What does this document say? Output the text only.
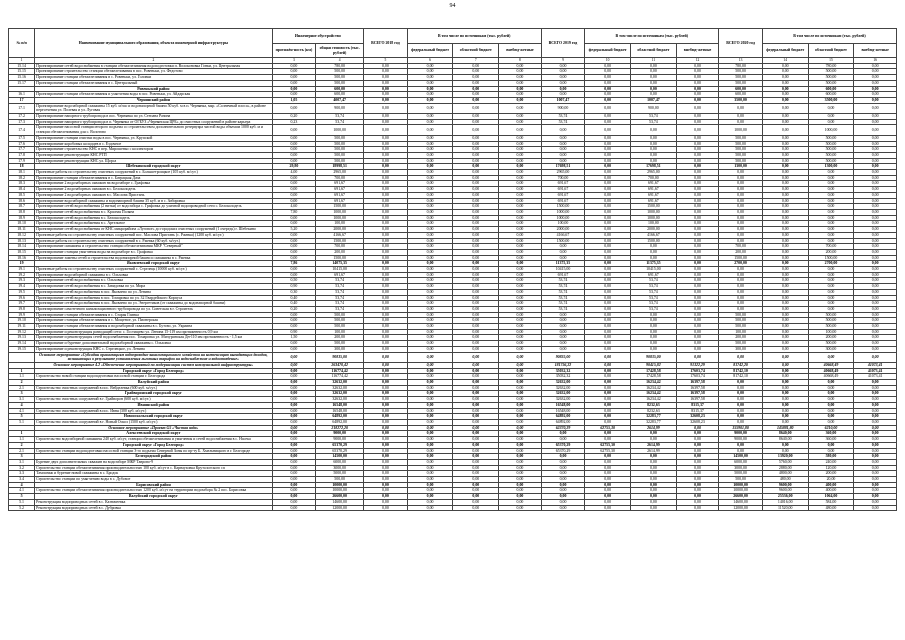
94
№ п/п	Наименование муниципального образования, объекта инженерной инфраструктуры	Инженерное обустройство		ВСЕГО 2018 год	В том числе по источникам (тыс. рублей)			ВСЕГО 2019 год	В том числе по источникам (тыс. рублей)			ВСЕГО 2020 год	В том числе по источникам (тыс. рублей)		
		протяжён-ность (км)	общая стоимость (тыс. рублей)		федеральный бюджет	областной бюджет	внебюд-жетные		федеральный бюджет	областной бюджет	внебюд-жетные		федеральный бюджет	областной бюджет	внебюд-жетные

1	2	3	4	5	6	7	8	9	10	11	12	13	14	15	16
15.14	Проектирование сетей водоснабжения в станции обезжелезивания водоподготовки п. Волоконовка Гонки, ул. Центральная	0,00	780,00	0,00	0,00	0,00	0,00	0,00	0,00	0,00	0,00	780,00	0,00	780,00	0,00
15.15	Проектирование строительство станции обезжелезивания в пос. Ровеньки, ул. Федотово	0,00	500,00	0,00	0,00	0,00	0,00	0,00	0,00	0,00	0,00	500,00	0,00	500,00	0,00
15.16	Проектирование станции обезжелезивания в с. Ровеньки, ул. Головки	0,00	500,00	0,00	0,00	0,00	0,00	0,00	0,00	0,00	0,00	500,00	0,00	500,00	0,00
15.17	Проектирование станции обезжелезивания в с. Центральный	0,00	500,00	0,00	0,00	0,00	0,00	0,00	0,00	0,00	0,00	500,00	0,00	500,00	0,00
	Ровеньский район	0,00	600,00	0,00	0,00	0,00	0,00	0,00	0,00	0,00	0,00	600,00	0,00	600,00	0,00
16.1	Проектирование станции обезжелезивания и умягчения воды в пос. Ровеньки, ул. Айдарская	0,00	600,00	0,00	0,00	0,00	0,00	0,00	0,00	0,00	0,00	600,00	0,00	600,00	0,00
17	Чернянский район	1,05	4007,47	0,00	0,00	0,00	0,00	1007,47	0,00	1007,47	0,00	3500,00	0,00	3500,00	0,00
17.1	Проектирование водозаборной скважины 15 куб. м/час и водонапорной башни 50 куб. м в п. Чернянка, мкр. «Солнечный плоса», в районе пересечения ул. Полевая и ул. Луговая	0,00	900,00	0,00	0,00	0,00	0,00	900,00	0,00	900,00	0,00	0,00	0,00	0,00	0,00
17.2	Проектирование напорного трубопровода в пос. Чернянка по ул. Степана Разина	0,20	53,74	0,00	0,00	0,00	0,00	53,74	0,00	53,74	0,00	0,00	0,00	0,00	0,00
17.3	Проектирование напорного трубопровода в п. Чернянка от ОГБУЗ «Чернянская ЦРБ» до очистных сооружений в районе карьера	0,23	53,74	0,00	0,00	0,00	0,00	53,74	0,00	53,74	0,00	0,00	0,00	0,00	0,00
17.4	Проектирование насосной станции второго подъема со строительством дополнительного резервуара чистой воды объемом 1000 куб. м и станции обезжелезивания для с. Волотово	0,00	1000,00	0,00	0,00	0,00	0,00	0,00	0,00	0,00	0,00	1000,00	0,00	1000,00	0,00
17.5	Проектирование станции очистки воды в пос. Чернянка, ул. Крупской	0,00	500,00	0,00	0,00	0,00	0,00	0,00	0,00	0,00	0,00	500,00	0,00	500,00	0,00
17.6	Проектирование коробовых колодцев в с. Ездочное	0,00	500,00	0,00	0,00	0,00	0,00	0,00	0,00	0,00	0,00	500,00	0,00	500,00	0,00
17.7	Проектирование строительство КНС в пер. Мирошенко с коллектором	0,00	500,00	0,00	0,00	0,00	0,00	0,00	0,00	0,00	0,00	500,00	0,00	500,00	0,00
17.8	Проектирование реконструкции КНС РТП	0,00	500,00	0,00	0,00	0,00	0,00	0,00	0,00	0,00	0,00	500,00	0,00	500,00	0,00
17.9	Проектирование реконструкции КНС ул. Щорса	0,00	500,00	0,00	0,00	0,00	0,00	0,00	0,00	0,00	0,00	500,00	0,00	500,00	0,00
18	Шебекинский городской округ	29,80	18998,51	0,00	0,00	0,00	0,00	17698,51	0,00	17698,51	0,00	1300,00	0,00	1300,00	0,00
18.1	Проектные работы по строительству очистных сооружений в с. Большетроицкое (105 куб. м/сут.)	4,00	2965,00	0,00	0,00	0,00	0,00	2965,00	0,00	2965,00	0,00	0,00	0,00	0,00	0,00
18.2	Проектирование станции обезжелезивания в с. Батрацкая Дача	0,00	700,00	0,00	0,00	0,00	0,00	700,00	0,00	700,00	0,00	0,00	0,00	0,00	0,00
18.3	Проектирование 2 водозаборных скважин на водозаборе с. Графовка	0,00	691,67	0,00	0,00	0,00	0,00	691,67	0,00	691,67	0,00	0,00	0,00	0,00	0,00
18.4	Проектирование 2 водозаборных скважин в с. Белоколодезь	0,00	691,67	0,00	0,00	0,00	0,00	691,67	0,00	691,67	0,00	0,00	0,00	0,00	0,00
18.5	Проектирование 2 водозаборных скважин в с. Маслова Пристань	0,00	691,67	0,00	0,00	0,00	0,00	691,67	0,00	691,67	0,00	0,00	0,00	0,00	0,00
18.6	Проектирование водозаборной скважины и водонапорной башни 35 куб. м в с. Зиборовка	0,00	691,67	0,00	0,00	0,00	0,00	691,67	0,00	691,67	0,00	0,00	0,00	0,00	0,00
18.7	Проектирование сетей водоснабжения (2 нитки) от водозабора с. Графовка до уличной водопроводной сети с. Белоколодезь	4,60	1500,00	0,00	0,00	0,00	0,00	1500,00	0,00	1500,00	0,00	0,00	0,00	0,00	0,00
18.8	Проектирование сетей водоснабжения в с. Красная Поляна	7,80	1000,00	0,00	0,00	0,00	0,00	1000,00	0,00	1000,00	0,00	0,00	0,00	0,00	0,00
18.9	Проектирование сетей водоснабжения в с. Белоколодезь	0,00	1000,00	0,00	0,00	0,00	0,00	1000,00	0,00	1000,00	0,00	0,00	0,00	0,00	0,00
18.10	Проектирование сетей водоснабжения в с. Артельное	0,00	100,00	0,00	0,00	0,00	0,00	100,00	0,00	100,00	0,00	0,00	0,00	0,00	0,00
18.11	Проектирование сетей водоснабжения от КНС микрорайона «Луговое» до городских очистных сооружений (1 очередь) г. Шебекино	5,20	2000,00	0,00	0,00	0,00	0,00	2000,00	0,00	2000,00	0,00	0,00	0,00	0,00	0,00
18.12	Проектные работы по строительству очистных сооружений пос. Маслова Пристань (с. Ржевка) (1200 куб. м/сут.)	0,00	4166,67	0,00	0,00	0,00	0,00	4166,67	0,00	4166,67	0,00	0,00	0,00	0,00	0,00
18.13	Проектные работы по строительству очистных сооружений в с. Ржевка (60 куб. м/сут.)	0,00	1500,00	0,00	0,00	0,00	0,00	1500,00	0,00	1500,00	0,00	0,00	0,00	0,00	0,00
18.14	Проектирование скважины и строительство станции обезжелезивания МКР "Северный"	0,00	700,00	0,00	0,00	0,00	0,00	0,00	0,00	0,00	0,00	700,00	0,00	700,00	0,00
18.15	Проектирование станции умягчения воды на водозаборе в с. Графовка	0,00	200,00	0,00	0,00	0,00	0,00	0,00	0,00	0,00	0,00	200,00	0,00	200,00	0,00
18.16	Проектирование замены сетей и строительства водонапорной башни и скважины в с. Ржевка	0,00	1500,00	0,00	0,00	0,00	0,00	0,00	0,00	0,00	0,00	1500,00	0,00	1500,00	0,00
19	Яковлевский городской округ	7,86	14075,35	0,00	0,00	0,00	0,00	11375,35	0,00	11375,35	0,00	2700,00	0,00	2700,00	0,00
19.1	Проектные работы по строительству очистных сооружений с. Стрелецк (10000 куб. м/сут.)	0,00	10415,00	0,00	0,00	0,00	0,00	10415,00	0,00	10415,00	0,00	0,00	0,00	0,00	0,00
19.2	Проектирование водозаборной скважины в с. Ольховка	0,00	691,67	0,00	0,00	0,00	0,00	691,67	0,00	691,67	0,00	0,00	0,00	0,00	0,00
19.3	Проектирование сетей водоснабжения в с. Ольховка	0,50	53,74	0,00	0,00	0,00	0,00	53,74	0,00	53,74	0,00	0,00	0,00	0,00	0,00
19.4	Проектирование сетей водоснабжения в с. Завидовка по ул. Мира	0,90	53,74	0,00	0,00	0,00	0,00	53,74	0,00	53,74	0,00	0,00	0,00	0,00	0,00
19.5	Проектирование сетей водоснабжения в пос. Яковлево по ул. Ленина	0,30	53,74	0,00	0,00	0,00	0,00	53,74	0,00	53,74	0,00	0,00	0,00	0,00	0,00
19.6	Проектирование сетей водоснабжения в пос. Томаровка по ул. 32 Гвардейского Корпуса	0,40	53,74	0,00	0,00	0,00	0,00	53,74	0,00	53,74	0,00	0,00	0,00	0,00	0,00
19.7	Проектирование сетей водоснабжения в пос. Яковлево по ул. Энергетиков (от скважины до водонапорной башни)	0,40	53,74	0,00	0,00	0,00	0,00	53,74	0,00	53,74	0,00	0,00	0,00	0,00	0,00
19.8	Проектирование самотечного канализационного трубопровода по ул. Советская в г. Строитель	0,20	53,74	0,00	0,00	0,00	0,00	53,74	0,00	53,74	0,00	0,00	0,00	0,00	0,00
19.9	Проектирование станции обезжелезивания в с. Старая Глинка	0,00	500,00	0,00	0,00	0,00	0,00	0,00	0,00	0,00	0,00	500,00	0,00	500,00	0,00
19.10	Проектирование станции обезжелезивания в с. Мощеное, ул. Пионерская	0,00	500,00	0,00	0,00	0,00	0,00	0,00	0,00	0,00	0,00	500,00	0,00	500,00	0,00
19.11	Проектирование станции обезжелезивания и водозаборной скважины в с. Бутово, ул. Украина	0,00	500,00	0,00	0,00	0,00	0,00	0,00	0,00	0,00	0,00	500,00	0,00	500,00	0,00
19.12	Проектирование и реконструкция разводящей сети: с. Гостищево ул. Ленина 15-119 км протяженность 0,9 км	0,90	100,00	0,00	0,00	0,00	0,00	0,00	0,00	0,00	0,00	100,00	0,00	100,00	0,00
19.13	Проектирование и реконструкция сетей водоснабжения пос. Томаровка ул. Мичуринская Дн-110 мм протяженность - 1,5 км	1,50	200,00	0,00	0,00	0,00	0,00	0,00	0,00	0,00	0,00	200,00	0,00	200,00	0,00
19.14	Проектирование и бурение дополнительной водозаборной скважины с. Ольховка	0,00	500,00	0,00	0,00	0,00	0,00	0,00	0,00	0,00	0,00	500,00	0,00	500,00	0,00
19.15	Проектирование и реконструкция КНС с. Стрелецкое, ул. Ленина	0,00	300,00	0,00	0,00	0,00	0,00	0,00	0,00	0,00	0,00	300,00	0,00	300,00	0,00
	Основное мероприятие «Субсидии организациям водопроводно-канализационного хозяйства на компенсацию выпадающих доходов, возникающих в результате установления льготных тарифов на водоснабжение и водоотведение»	0,00	90835,00	0,00	0,00	0,00	0,00	90835,00	0,00	90835,00	0,00	0,00	0,00	0,00	0,00
	Основное мероприятие 4.2 «Обеспечение мероприятий по модернизации систем коммунальной инфраструктуры»	0,00	263470,42	0,00	0,00	0,00	0,00	181756,22	0,00	90415,82	91322,29	81742,20	0,00	40668,49	41073,41
1	Городской округ «Город Белгород»	0,00	116774,42	0,00	0,00	0,00	0,00	35032,32	0,00	17428,58	17603,74	81742,10	0,00	40668,49	41073,41
1.1	Строительство новой станции водоподготовки насосной станции г. Белгорода	0,00	116774,42	0,00	0,00	0,00	0,00	35032,32	0,00	17428,58	17603,74	81742,10	0,00	40668,49	41073,41
2	Валуйский район	0,00	32632,00	0,00	0,00	0,00	0,00	32632,00	0,00	16234,42	16397,58	0,00	0,00	0,00	0,00
2.1	Строительство очистных сооружений в пос. Вейделевка (600 куб. м/сут.)	0,00	32632,00	0,00	0,00	0,00	0,00	32632,00	0,00	16234,42	16397,58	0,00	0,00	0,00	0,00
3	Грайворонский городской округ	0,00	32632,00	0,00	0,00	0,00	0,00	32632,00	0,00	16234,42	16397,58	0,00	0,00	0,00	0,00
3.1	Строительство очистных сооружений в г. Грайворон (600 куб. м/сут.)	0,00	32632,00	0,00	0,00	0,00	0,00	32632,00	0,00	16234,42	16397,58	0,00	0,00	0,00	0,00
4	Ивнянский район	0,00	16548,00	0,00	0,00	0,00	0,00	16548,00	0,00	8232,63	8315,37	0,00	0,00	0,00	0,00
4.1	Строительство очистных сооружений в пос. Ивня (300 куб. м/сут.)	0,00	16548,00	0,00	0,00	0,00	0,00	16548,00	0,00	8232,63	8315,37	0,00	0,00	0,00	0,00
5	Новооскольский городской округ	0,00	64892,00	0,00	0,00	0,00	0,00	64892,00	0,00	32283,77	32608,23	0,00	0,00	0,00	0,00
5.1	Строительство очистных сооружений в г. Новый Оскол (1500 куб. м/сут.)	0,00	64892,00	0,00	0,00	0,00	0,00	64892,00	0,00	32283,77	32608,23	0,00	0,00	0,00	0,00
	Основное мероприятие «Проект G5 «Чистая вода»	0,00	218272,20	0,00	0,00	0,00	0,00	62370,29	62755,30	2614,99	0,00	155901,80	145881,80	6210,00	0,00
1	Алексеевский городской округ	0,00	9000,00	0,00	0,00	0,00	0,00	0,00	0,00	0,00	0,00	9000,00	8640,00	360,00	0,00
1.1	Строительство водозаборной скважины 240 куб. м/сут, станции обезжелезивания и умягчения и сетей водоснабжения в с. Насека	0,00	9000,00	0,00	0,00	0,00	0,00	0,00	0,00	0,00	0,00	9000,00	8640,00	360,00	0,00
2	Городской округ «Город Белгород»	0,00	65370,29	0,00	0,00	0,00	0,00	65370,29	62755,30	2614,99	0,00	0,00	0,00	0,00	0,00
2.1	Строительство станции водоподготовки насосной станции 3-го подъема Северной Зоны по пр-ту Б. Хмельницкого в г. Белгороде	0,00	65370,29	0,00	0,00	0,00	0,00	65370,29	62755,30	2614,99	0,00	0,00	0,00	0,00	0,00
3	Белгородский район	0,00	14500,00	0,00	0,00	0,00	0,00	0,00	0,00	0,00	0,00	14500,00	13920,00	580,00	0,00
3.1	Бурение двух дополнительных скважин на водозаборе МКР Таврово-9	0,00	6000,00	0,00	0,00	0,00	0,00	0,00	0,00	0,00	0,00	6000,00	5760,00	240,00	0,00
3.2	Строительство станции обезжелезивания производительностью 100 куб. м/сут в с. Карнауховка Крутологского сп	0,00	3000,00	0,00	0,00	0,00	0,00	0,00	0,00	0,00	0,00	3000,00	2880,00	120,00	0,00
3.3	Тампонаж и бурение новой скважины в с. Бродок	0,00	5000,00	0,00	0,00	0,00	0,00	0,00	0,00	0,00	0,00	5000,00	4800,00	200,00	0,00
3.4	Строительство станции по умягчению воды в с. Дубовое	0,00	500,00	0,00	0,00	0,00	0,00	0,00	0,00	0,00	0,00	500,00	480,00	20,00	0,00
4	Борисовский район	0,00	10000,00	0,00	0,00	0,00	0,00	0,00	0,00	0,00	0,00	10000,00	9600,00	400,00	0,00
4.1	Строительство станции обезжелезивания производительностью 1200 куб. м/сут на территории водозабора № 2 пос. Борисовка	0,00	10000,00	0,00	0,00	0,00	0,00	0,00	0,00	0,00	0,00	10000,00	9600,00	400,00	0,00
5	Валуйский городской округ	0,00	26600,00	0,00	0,00	0,00	0,00	0,00	0,00	0,00	0,00	26600,00	25536,00	1064,00	0,00
5.1	Реконструкция водопроводных сетей в с. Казначеевка	0,00	14600,00	0,00	0,00	0,00	0,00	0,00	0,00	0,00	0,00	14600,00	14016,00	584,00	0,00
5.2	Реконструкция водопроводных сетей в с. Дубровка	0,00	12000,00	0,00	0,00	0,00	0,00	0,00	0,00	0,00	0,00	12000,00	11520,00	480,00	0,00
